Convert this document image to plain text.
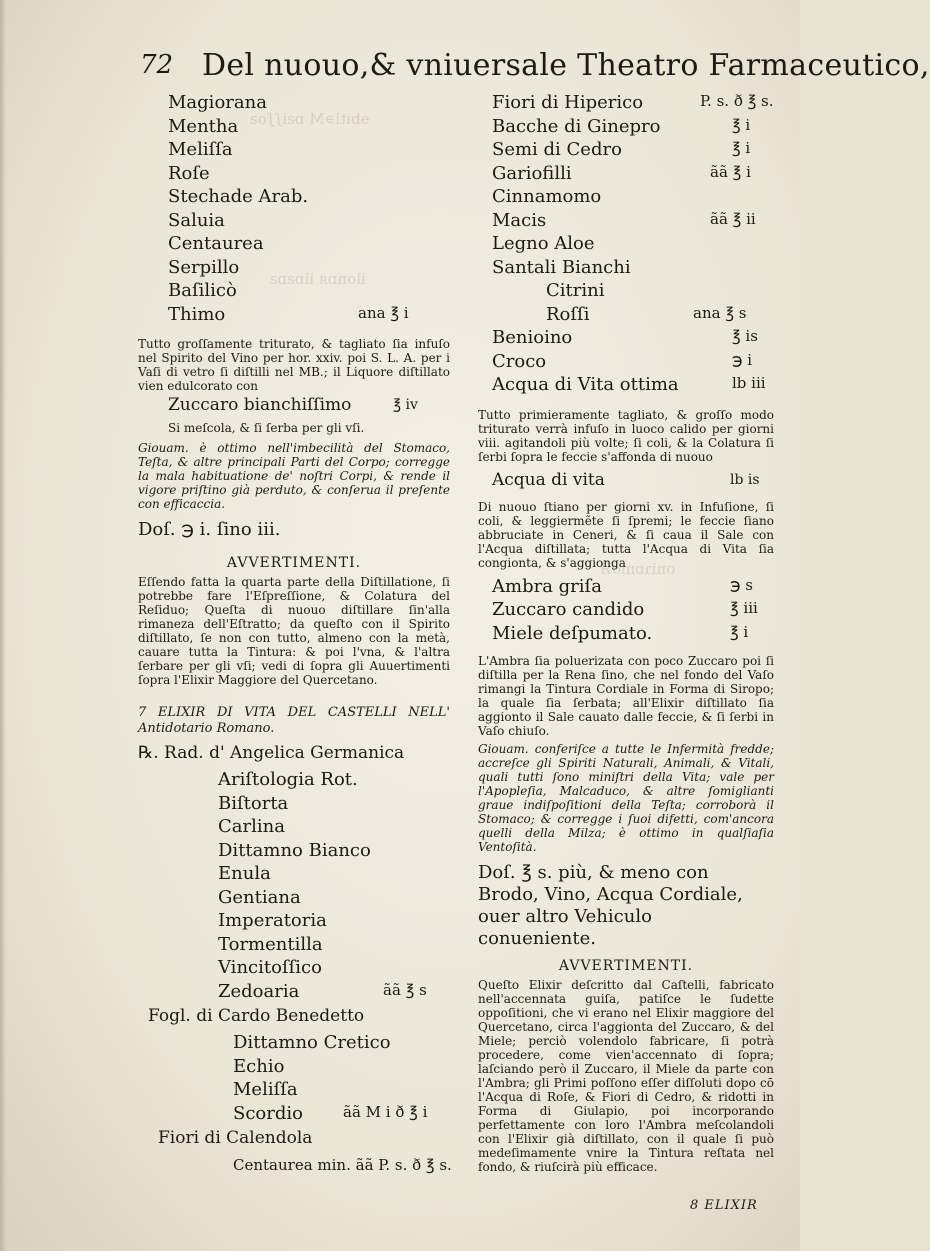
ɘbitl∍M ɒƨi∫∫οƨ
ilonɒᴙ ilɒƨɒƨ
οniɿɒmoЯ
72 Del nuouo,& vniuersale Theatro Farmaceutico,
Magiorana
Mentha
Meliſſa
Roſe
Stechade Arab.
Saluia
Centaurea
Serpillo
Baſilicò
Thimo	ana ℥ i

Tutto groſſamente triturato, & tagliato ſia infuſo nel Spirito del Vino per hor. xxiv. poi S. L. A. per i Vaſi di vetro ſi diſtilli nel MB.; il Liquore diſtillato vien edulcorato con

Zuccaro bianchiſſimo	℥ iv

Si meſcola, & ſi ſerba per gli vſi.

Giouam. è ottimo nell'imbecilità del Stomaco, Teſta, & altre principali Parti del Corpo; corregge la mala habituatione de' noſtri Corpi, & rende il vigore priſtino già perduto, & conſerua il preſente con efficaccia.

Doſ. ℈ i. ſino iii.

AVVERTIMENTI.

Eſſendo fatta la quarta parte della Diſtillatione, ſi potrebbe fare l'Eſpreſſione, & Colatura del Reſiduo; Queſta di nuouo diſtillare ſin'alla rimaneza dell'Eſtratto; da queſto con il Spirito diſtillato, ſe non con tutto, almeno con la metà, cauare tutta la Tintura: & poi l'vna, & l'altra ſerbare per gli vſi; vedi di ſopra gli Auuertimenti ſopra l'Elixir Maggiore del Quercetano.

7 ELIXIR DI VITA DEL CASTELLI NELL' Antidotario Romano.

℞. Rad. d' Angelica Germanica
Ariſtologia Rot.
Biſtorta
Carlina
Dittamno Bianco
Enula
Gentiana
Imperatoria
Tormentilla
Vincitoſſico
Zedoaria	ãã ℥ s
Fogl. di Cardo Benedetto
Dittamno Cretico
Echio
Meliſſa
Scordio	ãã M i ð ℥ i
Fiori di Calendola
Centaurea min. ãã P. s. ð ℥ s.
Fiori di Hiperico	P. s. ð ℥ s.
Bacche di Ginepro	℥ i
Semi di Cedro	℥ i
Gariofilli	ãã ℥ i
Cinnamomo
Macis	ãã ℥ ii
Legno Aloe
Santali Bianchi
Citrini
Roſſi	ana ℥ s
Benioino	℥ is
Croco	℈ i
Acqua di Vita ottima	lb iii

Tutto primieramente tagliato, & groſſo modo triturato verrà infuſo in luoco calido per giorni viii. agitandoli più volte; ſi coli, & la Colatura ſi ſerbi ſopra le feccie s'affonda di nuouo

Acqua di vita	lb is

Di nuouo ſtiano per giorni xv. in Infuſione, ſi coli, & leggiermẽte ſi ſpremi; le feccie ſiano abbruciate in Ceneri, & ſi caua il Sale con l'Acqua diſtillata; tutta l'Acqua di Vita ſia congionta, & s'aggionga

Ambra griſa	℈ s
Zuccaro candido	℥ iii
Miele deſpumato.	℥ i

L'Ambra ſia poluerizata con poco Zuccaro poi ſi diſtilla per la Rena ſino, che nel fondo del Vaſo rimangi la Tintura Cordiale in Forma di Siropo; la quale ſia ſerbata; all'Elixir diſtillato ſia aggionto il Sale cauato dalle feccie, & ſi ſerbi in Vaſo chiuſo.

Giouam. conferiſce a tutte le Infermità fredde; accreſce gli Spiriti Naturali, Animali, & Vitali, quali tutti ſono miniſtri della Vita; vale per l'Apopleſia, Malcaduco, & altre ſomiglianti graue indiſpoſitioni della Teſta; corroborà il Stomaco; & corregge i ſuoi difetti, com'ancora quelli della Milza; è ottimo in qualſiaſia Ventoſità.

Doſ. ℥ s. più, & meno con Brodo, Vino, Acqua Cordiale, ouer altro Vehiculo conueniente.

AVVERTIMENTI.

Queſto Elixir deſcritto dal Caſtelli, fabricato nell'accennata guiſa, patiſce le ſudette oppoſitioni, che vi erano nel Elixir maggiore del Quercetano, circa l'aggionta del Zuccaro, & del Miele; perciò volendolo fabricare, ſi potrà procedere, come vien'accennato di ſopra; laſciando però il Zuccaro, il Miele da parte con l'Ambra; gli Primi poſſono eſſer diſſoluti dopo cō l'Acqua di Roſe, & Fiori di Cedro, & ridotti in Forma di Giulapio, poi incorporando perfettamente con loro l'Ambra meſcolandoli con l'Elixir già diſtillato, con il quale ſi può medeſimamente vnire la Tintura reſtata nel fondo, & riuſcirà più efficace.

8 ELIXIR
